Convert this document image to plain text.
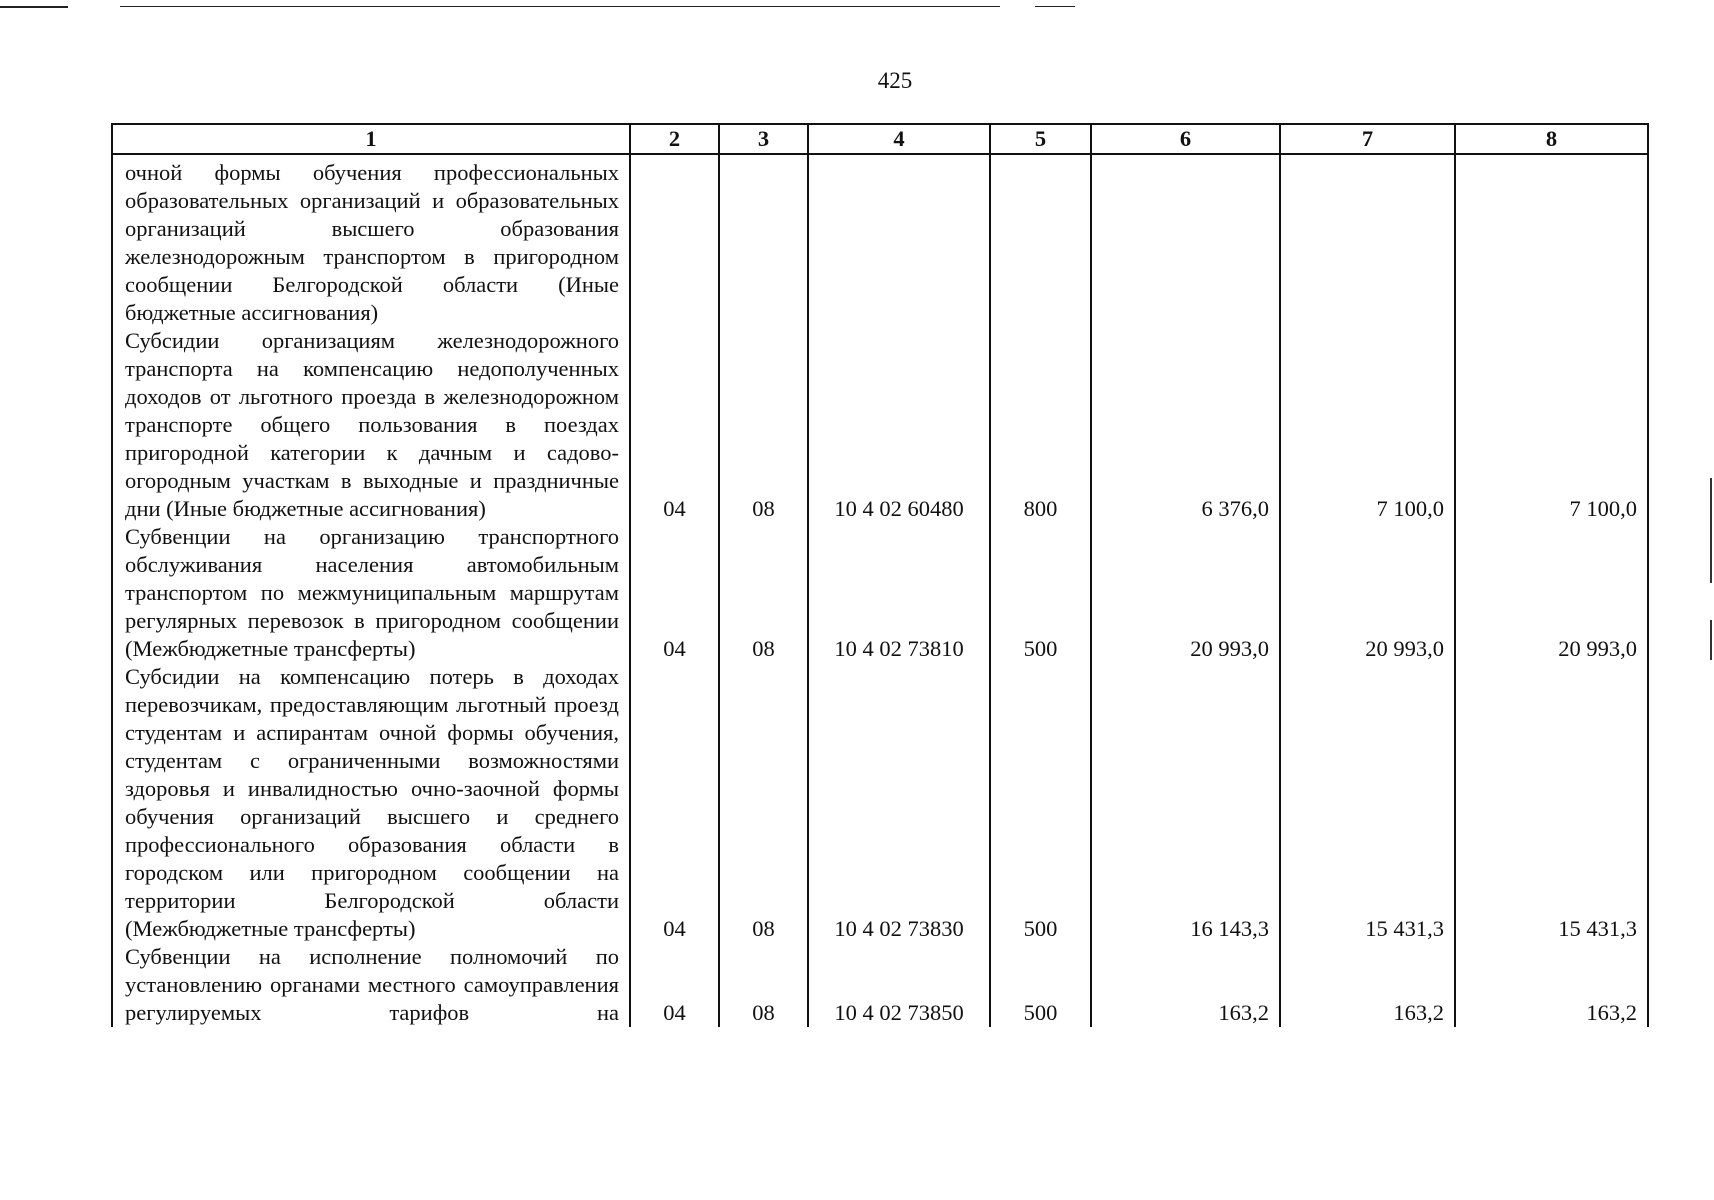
425
1	2	3	4	5	6	7	8
очной формы обучения профессиональных образовательных организаций и образовательных организаций высшего образования железнодорожным транспортом в пригородном сообщении Белгородской области (Иные бюджетные ассигнования)							
Субсидии организациям железнодорожного транспорта на компенсацию недополученных доходов от льготного проезда в железнодорожном транспорте общего пользования в поездах пригородной категории к дачным и садово-огородным участкам в выходные и праздничные дни (Иные бюджетные ассигнования)	04	08	10 4 02 60480	800	6 376,0	7 100,0	7 100,0
Субвенции на организацию транспортного обслуживания населения автомобильным транспортом по межмуниципальным маршрутам регулярных перевозок в пригородном сообщении (Межбюджетные трансферты)	04	08	10 4 02 73810	500	20 993,0	20 993,0	20 993,0
Субсидии на компенсацию потерь в доходах перевозчикам, предоставляющим льготный проезд студентам и аспирантам очной формы обучения, студентам с ограниченными возможностями здоровья и инвалидностью очно-заочной формы обучения организаций высшего и среднего профессионального образования области в городском или пригородном сообщении на территории Белгородской области (Межбюджетные трансферты)	04	08	10 4 02 73830	500	16 143,3	15 431,3	15 431,3
Субвенции на исполнение полномочий по установлению органами местного самоуправления регулируемых тарифов на	04	08	10 4 02 73850	500	163,2	163,2	163,2
